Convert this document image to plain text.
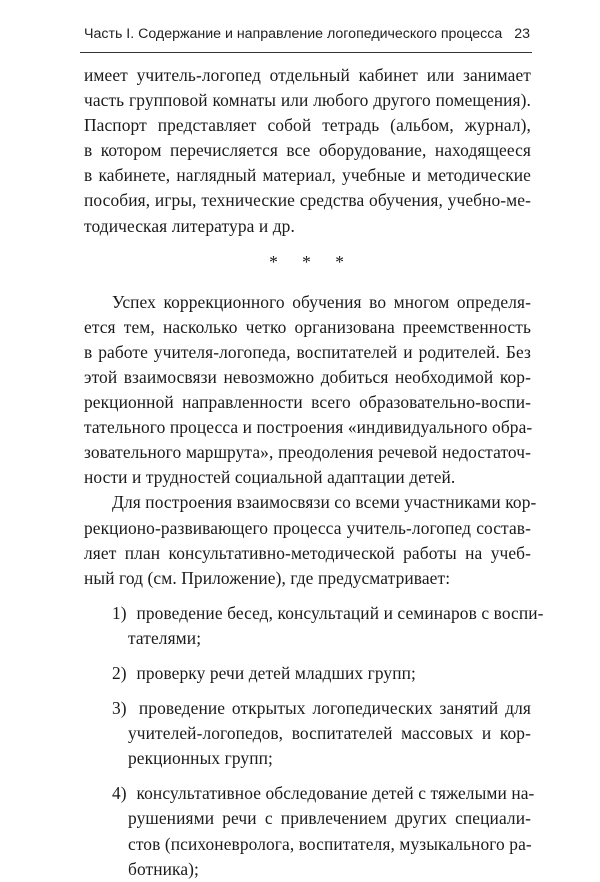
Часть I. Содержание и направление логопедического процесса 23
имеет учитель-логопед отдельный кабинет или занимает
часть групповой комнаты или любого другого помещения).
Паспорт представляет собой тетрадь (альбом, журнал),
в котором перечисляется все оборудование, находящееся
в кабинете, наглядный материал, учебные и методические
пособия, игры, технические средства обучения, учебно-ме-
тодическая литература и др.
* * *
Успех коррекционного обучения во многом определя-
ется тем, насколько четко организована преемственность
в работе учителя-логопеда, воспитателей и родителей. Без
этой взаимосвязи невозможно добиться необходимой кор-
рекционной направленности всего образовательно-воспи-
тательного процесса и построения «индивидуального обра-
зовательного маршрута», преодоления речевой недостаточ-
ности и трудностей социальной адаптации детей.
Для построения взаимосвязи со всеми участниками кор-
рекционо-развивающего процесса учитель-логопед состав-
ляет план консультативно-методической работы на учеб-
ный год (см. Приложение), где предусматривает:
1) проведение бесед, консультаций и семинаров с воспи-
тателями;
2) проверку речи детей младших групп;
3) проведение открытых логопедических занятий для
учителей-логопедов, воспитателей массовых и кор-
рекционных групп;
4) консультативное обследование детей с тяжелыми на-
рушениями речи с привлечением других специали-
стов (психоневролога, воспитателя, музыкального ра-
ботника);
